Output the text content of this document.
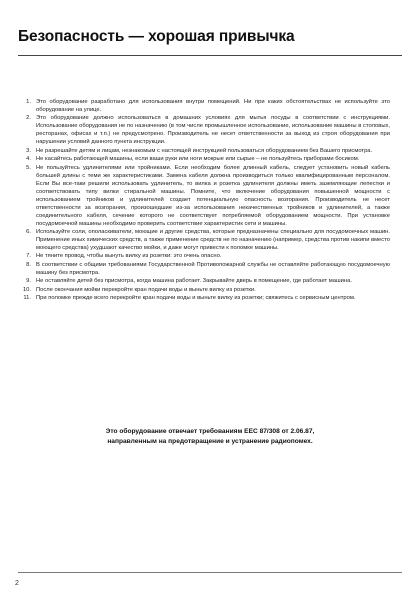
Безопасность — хорошая привычка
1. Это оборудование разработано для использования внутри помещений. Ни при каких обстоятельствах не используйте это оборудование на улице.
2. Это оборудование должно использоваться в домашних условиях для мытья посуды в соответствии с инструкциями. Использование оборудования не по назначению (в том числе промышленное использование, использование машины в столовых, ресторанах, офисах и т.п.) не предусмотрено. Производитель не несет ответственности за выход из строя оборудования при нарушении условий данного пункта инструкции.
3. Не разрешайте детям и лицам, незнакомым с настоящей инструкцией пользоваться оборудованием без Вашего присмотра.
4. Не касайтесь работающей машины, если ваши руки или ноги мокрые или сырые – не пользуйтесь приборами босиком.
5. Не пользуйтесь удлинителями или тройниками. Если необходим более длинный кабель, следует установить новый кабель большей длины с теми же характеристиками. Замена кабеля должна производиться только квалифицированным персоналом. Если Вы все-таки решили использовать удлинитель, то вилка и розетка удлинителя должны иметь заземляющие лепестки и соответствовать типу вилки стиральной машины. Помните, что включение оборудования повышенной мощности с использованием тройников и удлинителей создает потенциальную опасность возгорания. Производитель не несет ответственности за возгорания, произошедшие из-за использования некачественных тройников и удлинителей, а также соединительного кабеля, сечение которого не соответствует потребляемой оборудованием мощности. При установке посудомоечной машины необходимо проверить соответствие характеристик сети и машины.
6. Используйте соли, ополаскиватели, моющие и другие средства, которые предназначены специально для посудомоечных машин. Применение иных химических средств, а также применение средств не по назначению (например, средства против накипи вместо моющего средства) ухудшают качество мойки, и даже могут привести к поломке машины.
7. Не тяните провод, чтобы вынуть вилку из розетки: это очень опасно.
8. В соответствии с общими требованиями Государственной Противопожарной службы не оставляйте работающую посудомоечную машину без присмотра.
9. Не оставляйте детей без присмотра, когда машина работает. Закрывайте дверь в помещение, где работает машина.
10. После окончания мойки перекройте кран подачи воды и выньте вилку из розетки.
11. При поломке прежде всего перекройте кран подачи воды и выньте вилку из розетки; свяжитесь с сервисным центром.
Это оборудование отвечает требованиям ЕЕС 87/308 от 2.06.87,
направленным на предотвращение и устранение радиопомех.
2
